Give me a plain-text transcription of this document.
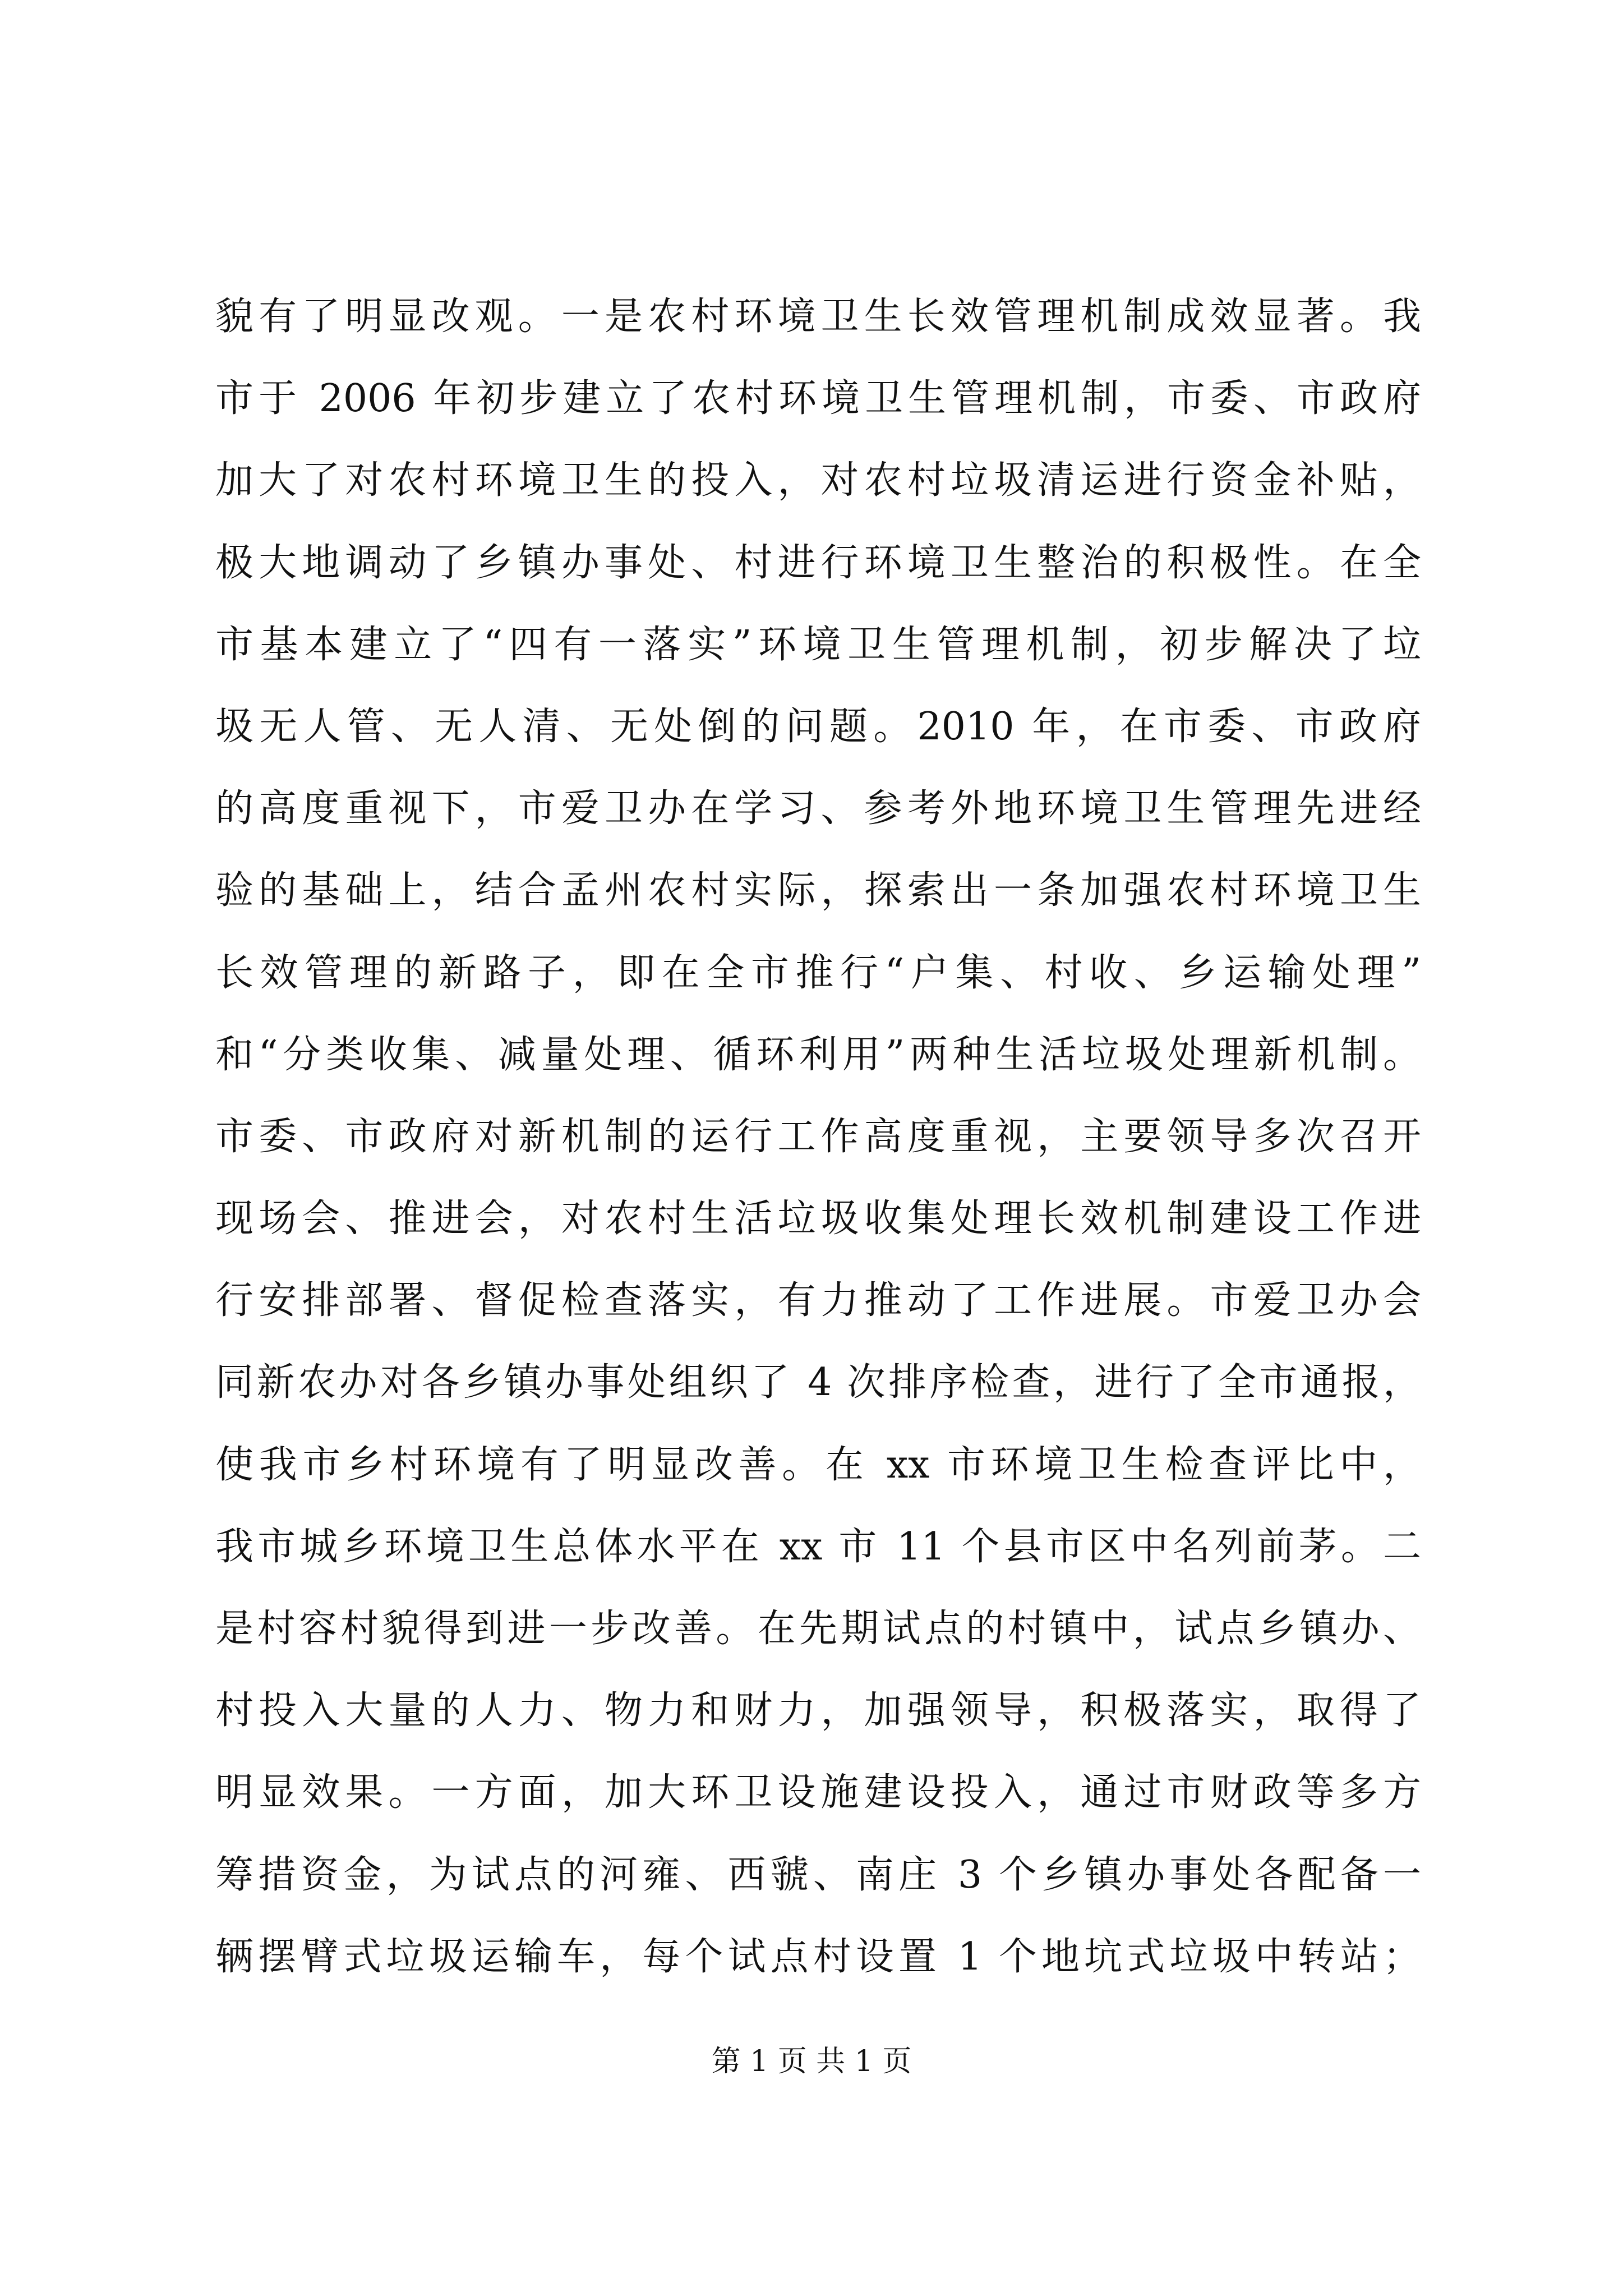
貌有了明显改观。一是农村环境卫生长效管理机制成效显著。我
市于 2006 年初步建立了农村环境卫生管理机制，市委、市政府
加大了对农村环境卫生的投入，对农村垃圾清运进行资金补贴，
极大地调动了乡镇办事处、村进行环境卫生整治的积极性。在全
市基本建立了“四有一落实”环境卫生管理机制，初步解决了垃
圾无人管、无人清、无处倒的问题。2010 年，在市委、市政府
的高度重视下，市爱卫办在学习、参考外地环境卫生管理先进经
验的基础上，结合孟州农村实际，探索出一条加强农村环境卫生
长效管理的新路子，即在全市推行“户集、村收、乡运输处理”
和“分类收集、减量处理、循环利用”两种生活垃圾处理新机制。
市委、市政府对新机制的运行工作高度重视，主要领导多次召开
现场会、推进会，对农村生活垃圾收集处理长效机制建设工作进
行安排部署、督促检查落实，有力推动了工作进展。市爱卫办会
同新农办对各乡镇办事处组织了 4 次排序检查，进行了全市通报，
使我市乡村环境有了明显改善。在 xx 市环境卫生检查评比中，
我市城乡环境卫生总体水平在 xx 市 11 个县市区中名列前茅。二
是村容村貌得到进一步改善。在先期试点的村镇中，试点乡镇办、
村投入大量的人力、物力和财力，加强领导，积极落实，取得了
明显效果。一方面，加大环卫设施建设投入，通过市财政等多方
筹措资金，为试点的河雍、西虢、南庄 3 个乡镇办事处各配备一
辆摆臂式垃圾运输车，每个试点村设置 1 个地坑式垃圾中转站；
第 1 页 共 1 页
